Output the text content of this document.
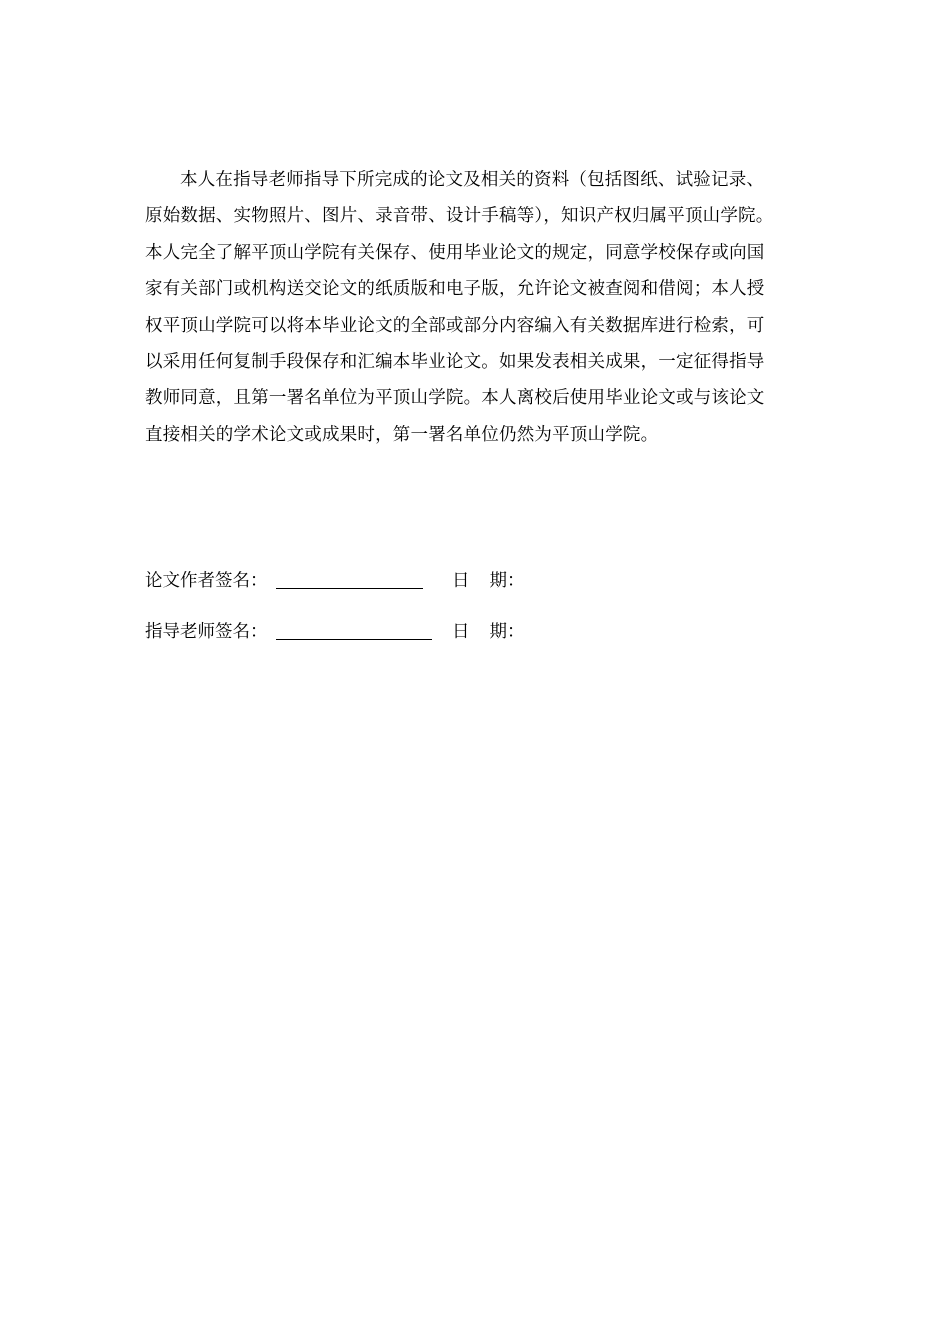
本人在指导老师指导下所完成的论文及相关的资料（包括图纸、试验记录、
原始数据、实物照片、图片、录音带、设计手稿等），知识产权归属平顶山学院。
本人完全了解平顶山学院有关保存、使用毕业论文的规定，同意学校保存或向国
家有关部门或机构送交论文的纸质版和电子版，允许论文被查阅和借阅；本人授
权平顶山学院可以将本毕业论文的全部或部分内容编入有关数据库进行检索，可
以采用任何复制手段保存和汇编本毕业论文。如果发表相关成果，一定征得指导
教师同意，且第一署名单位为平顶山学院。本人离校后使用毕业论文或与该论文
直接相关的学术论文或成果时，第一署名单位仍然为平顶山学院。
论文作者签名：	日 期：
指导老师签名：	日 期：
